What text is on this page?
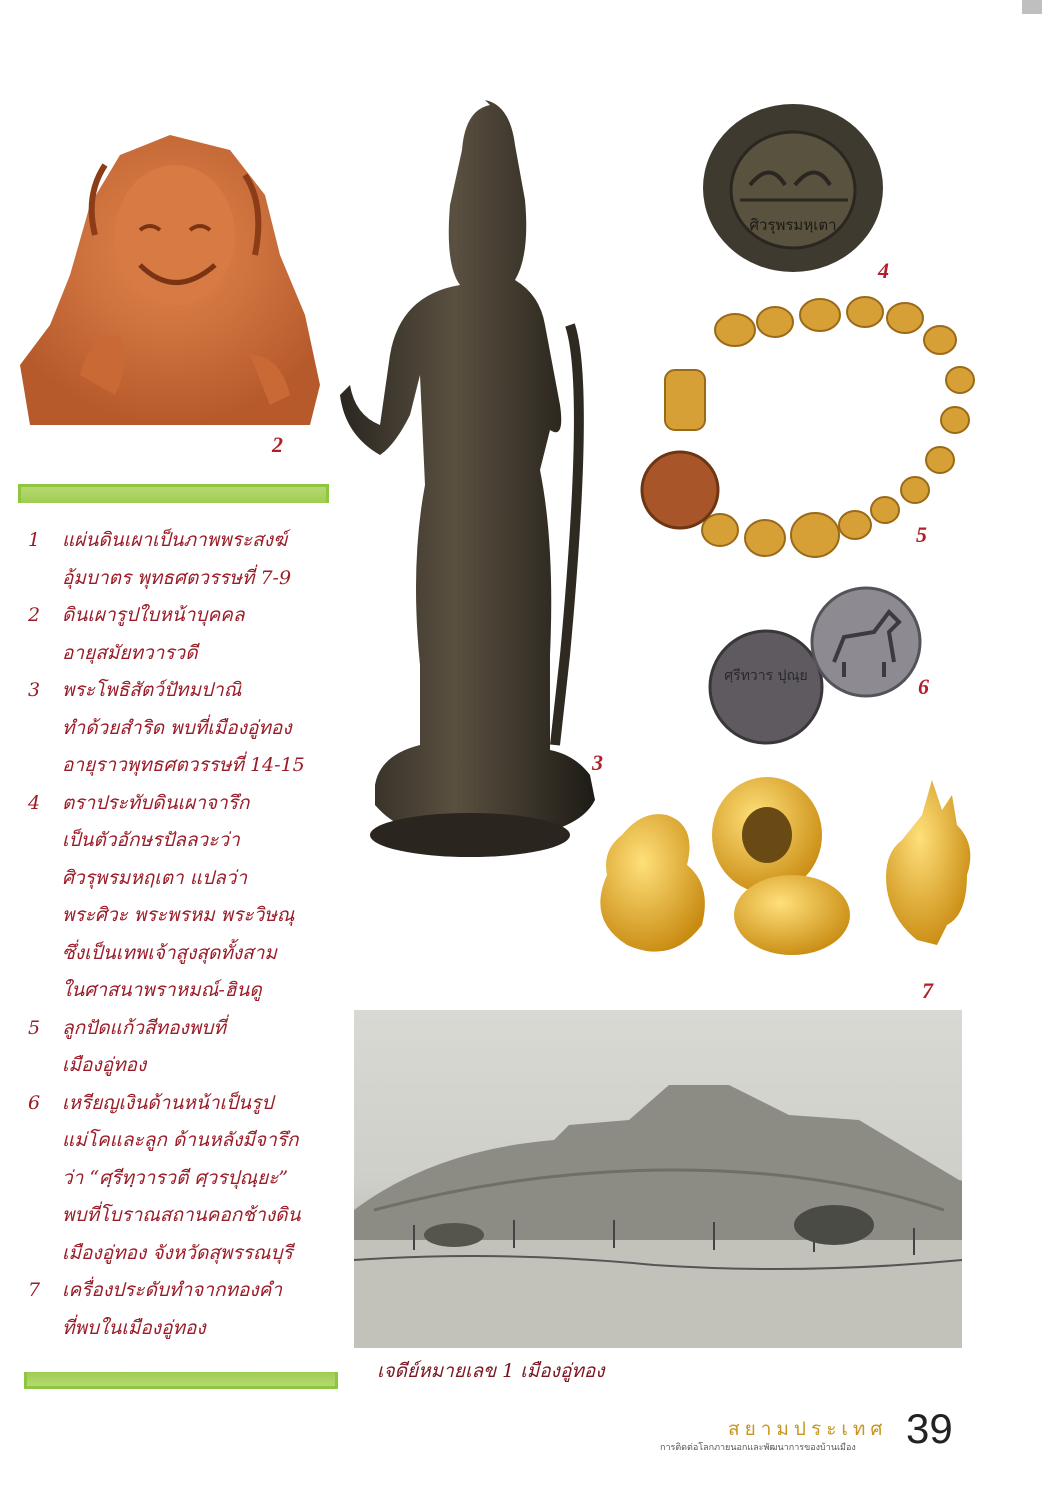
2
1	แผ่นดินเผาเป็นภาพพระสงฆ์
อุ้มบาตร พุทธศตวรรษที่ 7-9
2	ดินเผารูปใบหน้าบุคคล
อายุสมัยทวารวดี
3	พระโพธิสัตว์ปัทมปาณิ
ทำด้วยสำริด พบที่เมืองอู่ทอง
อายุราวพุทธศตวรรษที่ 14-15
4	ตราประทับดินเผาจารึก
เป็นตัวอักษรปัลลวะว่า
ศิวรุพรมหฤเตา แปลว่า
พระศิวะ พระพรหม พระวิษณุ
ซึ่งเป็นเทพเจ้าสูงสุดทั้งสาม
ในศาสนาพราหมณ์-ฮินดู
5	ลูกปัดแก้วสีทองพบที่
เมืองอู่ทอง
6	เหรียญเงินด้านหน้าเป็นรูป
แม่โคและลูก ด้านหลังมีจารึก
ว่า “ศฺรีทฺวารวตี ศฺวรปุณฺยะ”
พบที่โบราณสถานคอกช้างดิน
เมืองอู่ทอง จังหวัดสุพรรณบุรี
7	เครื่องประดับทำจากทองคำ
ที่พบในเมืองอู่ทอง
3
ศิวรุพรมหฺเตา
4
5
ศฺรีทวาร ปุณฺย	6
7
เจดีย์หมายเลข 1 เมืองอู่ทอง
สยามประเทศ
การติดต่อโลกภายนอกและพัฒนาการของบ้านเมือง 39
